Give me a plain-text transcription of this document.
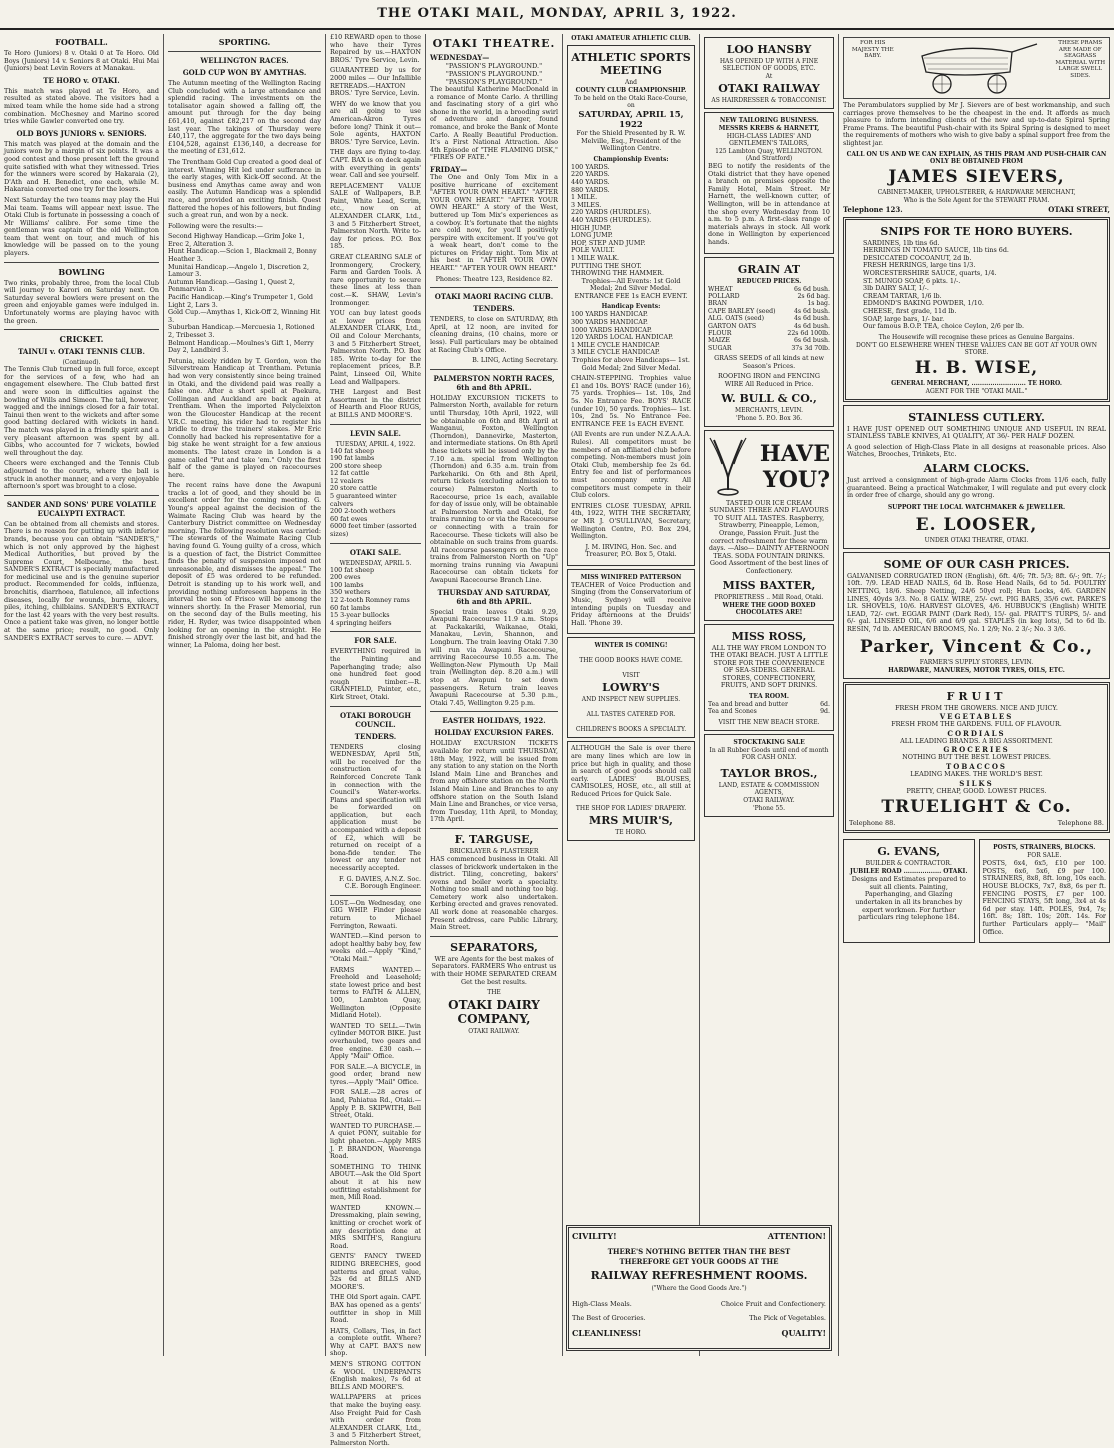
THE OTAKI MAIL, MONDAY, APRIL 3, 1922.
FOOTBALL.

Te Horo (Juniors) 8 v. Otaki 0 at Te Horo. Old Boys (Juniors) 14 v. Seniors 8 at Otaki. Hui Mai (Juniors) beat Levin Rovers at Manakau.

TE HORO v. OTAKI.

This match was played at Te Horo, and resulted as stated above. The visitors had a mixed team while the home side had a strong combination. McChesney and Marino scored tries while Gawler converted one try.

OLD BOYS JUNIORS v. SENIORS.

This match was played at the domain and the juniors won by a margin of six points. It was a good contest and those present left the ground quite satisfied with what they witnessed. Tries for the winners were scored by Hakaraia (2), D'Ath and H. Benedict, one each, while M. Hakaraia converted one try for the losers.

Next Saturday the two teams may play the Hui Mai team. Teams will appear next issue. The Otaki Club is fortunate in possessing a coach of Mr Williams' calibre. For some time the gentleman was captain of the old Wellington team that went on tour, and much of his knowledge will be passed on to the young players.

BOWLING

Two rinks, probably three, from the local Club will journey to Karori on Saturday next. On Saturday several bowlers were present on the green and enjoyable games were indulged in. Unfortunately worms are playing havoc with the green.

CRICKET.
TAINUI v. OTAKI TENNIS CLUB.
(Continued).

The Tennis Club turned up in full force, except for the services of a few, who had an engagement elsewhere. The Club batted first and were soon in difficulties against the bowling of Wills and Simeon. The tail, however, wagged and the innings closed for a fair total. Tainui then went to the wickets and after some good batting declared with wickets in hand. The match was played in a friendly spirit and a very pleasant afternoon was spent by all. Gibbs, who accounted for 7 wickets, bowled well throughout the day.

Cheers were exchanged and the Tennis Club adjourned to the courts, where the ball is struck in another manner, and a very enjoyable afternoon's sport was brought to a close.

SANDER AND SONS' PURE VOLATILE EUCALYPTI EXTRACT.

Can be obtained from all chemists and stores. There is no reason for putting up with inferior brands, because you can obtain "SANDER'S," which is not only approved by the highest Medical Authorities, but proved by the Supreme Court, Melbourne, the best. SANDER'S EXTRACT is specially manufactured for medicinal use and is the genuine superior product. Recommended for colds, influenza, bronchitis, diarrhoea, flatulence, all infections diseases, locally for wounds, burns, ulcers, piles, itching, chilblains. SANDER'S EXTRACT for the last 42 years with the very best results. Once a patient take was given, no longer bottle at the same price; result, no good. Only SANDER'S EXTRACT serves to cure. — ADVT.

SPORTING.
WELLINGTON RACES.
GOLD CUP WON BY AMYTHAS.

The Autumn meeting of the Wellington Racing Club concluded with a large attendance and splendid racing. The investments on the totalisator again showed a falling off, the amount put through for the day being £61,410, against £82,217 on the second day last year. The takings of Thursday were £40,117, the aggregate for the two days being £104,528, against £136,140, a decrease for the meeting of £31,612.

The Trentham Gold Cup created a good deal of interest. Winning Hit led under sufferance in the early stages, with Kick-Off second. At the business end Amythas came away and won easily. The Autumn Handicap was a splendid race, and provided an exciting finish. Quest flattered the hopes of his followers, but finding such a great run, and won by a neck.

Following were the results:—

Second Highway Handicap.—Grim Joke 1, Erec 2, Alteration 3.
Hunt Handicap.—Scion 1, Blackmail 2, Bonny Heather 3.
Munitai Handicap.—Angelo 1, Discretion 2, Lamour 3.
Autumn Handicap.—Gasing 1, Quest 2, Penmarvian 3.
Pacific Handicap.—King's Trumpeter 1, Gold Light 2, Lars 3.
Gold Cup.—Amythas 1, Kick-Off 2, Winning Hit 3.
Suburban Handicap.—Mercuesia 1, Rotioned 2, Tribesset 3.
Belmont Handicap.—Moulnes's Gift 1, Merry Day 2, Landbird 3.

Petunia, nicely ridden by T. Gordon, won the Silverstream Handicap at Trentham. Petunia had won very consistently since being trained in Otaki, and the dividend paid was really a false one. After a short spell at Paekura, Collingan and Auckland are back again at Trentham. When the imported Pelycleixton won the Gloucester Handicap at the recent V.R.C. meeting, his rider had to register his bridle to draw the trainers' stakes. Mr Eric Connolly had backed his representative for a big stake he went straight for a few anxious moments. The latest craze in London is a game called "Put and take 'em." Only the first half of the game is played on racecourses here.

The recent rains have done the Awapuni tracks a lot of good, and they should be in excellent order for the coming meeting. G. Young's appeal against the decision of the Waimate Racing Club was heard by the Canterbury District committee on Wednesday morning. The following resolution was carried: "The stewards of the Waimate Racing Club having found G. Young guilty of a cross, which is a question of fact, the District Committee finds the penalty of suspension imposed not unreasonable, and dismisses the appeal." The deposit of £5 was ordered to be refunded. Detroit is standing up to his work well, and providing nothing unforeseen happens in the interval the son of Frisco will be among the winners shortly. In the Fraser Memorial, run on the second day of the Bulls meeting, his rider, H. Ryder, was twice disappointed when looking for an opening in the straight. He finished strongly over the last bit, and had the winner, La Paloma, doing her best.

£10 REWARD open to those who have their Tyres Repaired by us.—HAXTON BROS.' Tyre Service, Levin.

GUARANTEED by us for 2000 miles — Our Infallible RETREADS.—HAXTON BROS.' Tyre Service, Levin.

WHY do we know that you are all going to use American-Akron Tyres before long? Think it out—Sole agents, HAXTON BROS.' Tyre Service, Levin.

THE days are flying to-day. CAPT. BAX is on deck again with everything in gents' wear. Call and see yourself.

REPLACEMENT VALUE SALE of Wallpapers, B.P. Paint, White Lead, Scrim, etc., now on at ALEXANDER CLARK, Ltd., 3 and 5 Fitzherbert Street, Palmerston North. Write to-day for prices. P.O. Box 185.

GREAT CLEARING SALE of Ironmongery, Crockery, Farm and Garden Tools. A rare opportunity to secure these lines at less than cost.—K. SHAW, Levin's Ironmonger.

YOU can buy latest goods at lower prices from ALEXANDER CLARK, Ltd., Oil and Colour Merchants, 3 and 5 Fitzherbert Street, Palmerston North. P.O. Box 185. Write to-day for the replacement prices, B.P. Paint, Linseed Oil, White Lead and Wallpapers.

THE Largest and Best Assortment in the district of Hearth and Floor RUGS, at BILLS AND MOORE'S.

LEVIN SALE.
TUESDAY, APRIL 4, 1922.
140 fat sheep
190 fat lambs
200 store sheep
12 fat cattle
12 vealers
20 store cattle
5 guaranteed winter calvers
200 2-tooth wethers
60 fat ewes
6000 feet timber (assorted sizes)
OTAKI SALE.
WEDNESDAY, APRIL 5.
100 fat sheep
200 ewes
100 lambs
350 wethers
12 2-tooth Romney rams
60 fat lambs
15 3-year bullocks
4 springing heifers
FOR SALE.

EVERYTHING required in the Painting and Paperhanging trade; also one hundred feet good rough timber.—R. GRANFIELD, Painter, etc., Kirk Street, Otaki.

OTAKI BOROUGH COUNCIL.
TENDERS.

TENDERS closing WEDNESDAY, April 5th, will be received for the construction of a Reinforced Concrete Tank in connection with the Council's Water-works. Plans and specification will be forwarded on application, but each application must be accompanied with a deposit of £2, which will be returned on receipt of a bona-fide tender. The lowest or any tender not necessarily accepted.

F. G. DAVIES, A.N.Z. Soc. C.E. Borough Engineer.

LOST.—On Wednesday, one GIG WHIP. Finder please return to Michael Ferrington, Rewaati.

WANTED.—Kind person to adopt healthy baby boy, few weeks old.—Apply "Kind," "Otaki Mail."

FARMS WANTED.—Freehold and Leasehold; state lowest price and best terms to FAITH & ALLEN, 100, Lambton Quay, Wellington (Opposite Midland Hotel).

WANTED TO SELL.—Twin cylinder MOTOR BIKE. Just overhauled, two gears and free engine. £30 cash.—Apply "Mail" Office.

FOR SALE.—A BICYCLE, in good order, brand new tyres.—Apply "Mail" Office.

FOR SALE.—28 acres of land, Pahiatua Rd., Otaki.—Apply P. B. SKIPWITH, Bell Street, Otaki.

WANTED TO PURCHASE.—A quiet PONY, suitable for light phaeton.—Apply MRS J. P. BRANDON, Waerenga Road.

SOMETHING TO THINK ABOUT.—Ask the Old Sport about it at his new outfitting establishment for men, Mill Road.

WANTED KNOWN.—Dressmaking, plain sewing, knitting or crochet work of any description done at MRS SMITH'S, Rangiuru Road.

GENTS' FANCY TWEED RIDING BREECHES, good patterns and great value, 32s 6d at BILLS AND MOORE'S.

THE Old Sport again. CAPT. BAX has opened as a gents' outfitter in shop in Mill Road.

HATS, Collars, Ties, in fact a complete outfit. Where? Why at CAPT. BAX'S new shop.

MEN'S STRONG COTTON & WOOL UNDERPANTS (English makes), 7s 6d at BILLS AND MOORE'S.

WALLPAPERS at prices that make the buying easy. Also Freight Paid for Cash with order from ALEXANDER CLARK, Ltd., 3 and 5 Fitzherbert Street, Palmerston North.

OTAKI THEATRE.
WEDNESDAY—
"PASSION'S PLAYGROUND."
"PASSION'S PLAYGROUND."
"PASSION'S PLAYGROUND."

The beautiful Katherine MacDonald in a romance of Monte Carlo. A thrilling and fascinating story of a girl who shone in the world, in a brooding swirl of adventure and danger, found romance, and broke the Bank of Monte Carlo. A Really Beautiful Production. It's a First National Attraction. Also 4th Episode of "THE FLAMING DISK," "FIRES OF FATE."

FRIDAY—

The One and Only Tom Mix in a positive hurricane of excitement "AFTER YOUR OWN HEART." "AFTER YOUR OWN HEART." "AFTER YOUR OWN HEART." A story of the West, buttered up Tom Mix's experiences as a cowboy. It's fortunate that the nights are cold now, for you'll positively perspire with excitement. If you've got a weak heart, don't come to the pictures on Friday night. Tom Mix at his best in "AFTER YOUR OWN HEART." "AFTER YOUR OWN HEART."

Phones: Theatre 123, Residence 82.

OTAKI MAORI RACING CLUB.
TENDERS.

TENDERS, to close on SATURDAY, 8th April, at 12 noon, are invited for cleaning drains, (10 chains, more or less). Full particulars may be obtained at Racing Club's Office.

B. LING, Acting Secretary.

PALMERSTON NORTH RACES, 6th and 8th APRIL.

HOLIDAY EXCURSION TICKETS to Palmerston North, available for return until Thursday, 10th April, 1922, will be obtainable on 6th and 8th April at Wanganui, Foxton, Wellington (Thorndon), Dannevirke, Masterton, and intermediate stations. On 8th April these tickets will be issued only by the 7.10 a.m. special from Wellington (Thorndon) and 6.35 a.m. train from Parkehariki. On 6th and 8th April, return tickets (excluding admission to course) Palmerston North to Racecourse, price 1s each, available for day of issue only, will be obtainable at Palmerston North and Otaki, for trains running to or via the Racecourse or connecting with a train for Racecourse. These tickets will also be obtainable on such trains from guards. All racecourse passengers on the race trains from Palmerston North on "Up" morning trains running via Awapuni Racecourse can obtain tickets for Awapuni Racecourse Branch Line.

THURSDAY AND SATURDAY, 6th and 8th APRIL.

Special train leaves Otaki 9.29, Awapuni Racecourse 11.9 a.m. Stops at Packakariki, Waikanae, Otaki, Manakau, Levin, Shannon, and Longburn. The train leaving Otaki 7.30 will run via Awapuni Racecourse, arriving Racecourse 10.55 a.m. The Wellington-New Plymouth Up Mail train (Wellington dep. 8.20 a.m.) will stop at Awapuni to set down passengers. Return train leaves Awapuni Racecourse at 5.30 p.m., Otaki 7.45, Wellington 9.25 p.m.

EASTER HOLIDAYS, 1922.
HOLIDAY EXCURSION FARES.

HOLIDAY EXCURSION TICKETS available for return until THURSDAY, 18th May, 1922, will be issued from any station to any station on the North Island Main Line and Branches and from any offshore station on the North Island Main Line and Branches to any offshore station on the South Island Main Line and Branches, or vice versa, from Tuesday, 11th April, to Monday, 17th April.

F. TARGUSE,
BRICKLAYER & PLASTERER

HAS commenced business in Otaki. All classes of brickwork undertaken in the district. Tiling, concreting, bakers' ovens and boiler work a specialty. Nothing too small and nothing too big. Cemetery work also undertaken. Kerbing erected and graves renovated. All work done at reasonable charges. Present address, care Public Library, Main Street.

SEPARATORS,

WE are Agents for the best makes of Separators. FARMERS Who entrust us with their HOME SEPARATED CREAM Get the best results.

THE
OTAKI DAIRY COMPANY,
OTAKI RAILWAY.
OTAKI AMATEUR ATHLETIC CLUB.
ATHLETIC SPORTS MEETING
And
COUNTY CLUB CHAMPIONSHIP.
To be held on the Otaki Race-Course, on
SATURDAY, APRIL 15, 1922

For the Shield Presented by R. W. Melville, Esq., President of the Wellington Centre.

Championship Events:
100 YARDS.
220 YARDS.
440 YARDS.
880 YARDS.
1 MILE.
3 MILES.
220 YARDS (HURDLES).
440 YARDS (HURDLES).
HIGH JUMP.
LONG JUMP.
HOP, STEP AND JUMP.
POLE VAULT.
1 MILE WALK.
PUTTING THE SHOT.
THROWING THE HAMMER.

Trophies—All Events: 1st Gold Medal; 2nd Silver Medal. ENTRANCE FEE 1s EACH EVENT.

Handicap Events:
100 YARDS HANDICAP.
300 YARDS HANDICAP.
1000 YARDS HANDICAP.
120 YARDS LOCAL HANDICAP.
1 MILE CYCLE HANDICAP.
3 MILE CYCLE HANDICAP.

Trophies for above Handicaps— 1st. Gold Medal; 2nd Silver Medal.

CHAIN-STEPPING. Trophies value £1 and 10s. BOYS' RACE (under 16), 75 yards. Trophies— 1st. 10s, 2nd 5s. No Entrance Fee. BOYS' RACE (under 10), 50 yards. Trophies— 1st. 10s, 2nd 5s. No Entrance Fee. ENTRANCE FEE 1s EACH EVENT.

(All Events are run under N.Z.A.A.A. Rules). All competitors must be members of an affiliated club before competing. Non-members must join Otaki Club, membership fee 2s 6d. Entry fee and list of performances must accompany entry. All competitors must compete in their Club colors.

ENTRIES CLOSE TUESDAY, APRIL 4th, 1922, WITH THE SECRETARY, or MR J. O'SULLIVAN, Secretary, Wellington Centre, P.O. Box 294, Wellington.

J. M. IRVING, Hon. Sec. and Treasurer, P.O. Box 5, Otaki.

MISS WINIFRED PATTERSON

TEACHER of Voice Production and Singing (from the Conservatorium of Music, Sydney) will receive intending pupils on Tuesday and Friday afternoons at the Druids' Hall. 'Phone 39.

WINTER IS COMING!
THE GOOD BOOKS HAVE COME.
VISIT
LOWRY'S
AND INSPECT NEW SUPPLIES.
ALL TASTES CATERED FOR.
CHILDREN'S BOOKS A SPECIALTY.

ALTHOUGH the Sale is over there are many lines which are low in price but high in quality, and those in search of good goods should call early. LADIES' BLOUSES, CAMISOLES, HOSE, etc., all still at Reduced Prices for Quick Sale.

THE SHOP FOR LADIES' DRAPERY.
MRS MUIR'S,
TE HORO.
LOO HANSBY
HAS OPENED UP WITH A FINE SELECTION OF GOODS, ETC.
At
OTAKI RAILWAY
AS HAIRDRESSER & TOBACCONIST.
NEW TAILORING BUSINESS.
MESSRS KREBS & HARNETT,
HIGH-CLASS LADIES' AND GENTLEMEN'S TAILORS,
125 Lambton Quay, WELLINGTON. (And Stratford)

BEG to notify the residents of the Otaki district that they have opened a branch on premises opposite the Family Hotel, Main Street. Mr Harnett, the well-known cutter, of Wellington, will be in attendance at the shop every Wednesday from 10 a.m. to 5 p.m. A first-class range of materials always in stock. All work done in Wellington by experienced hands.

GRAIN AT
REDUCED PRICES.
WHEAT	6s 6d bush.
POLLARD	2s 6d bag.
BRAN	1s bag.
CAPE BARLEY (seed)	4s 6d bush.
ALG. OATS (seed)	4s 6d bush.
GARTON OATS	4s 6d bush.
FLOUR	22s 6d 100lb.
MAIZE	6s 6d bush.
SUGAR	37s 3d 70lb.

GRASS SEEDS of all kinds at new Season's Prices.

ROOFING IRON and FENCING WIRE All Reduced in Price.

W. BULL & CO.,
MERCHANTS, LEVIN.
'Phone 5. P.O. Box 36.
HAVE
YOU?

TASTED OUR ICE CREAM SUNDAES! THREE AND FLAVOURS TO SUIT ALL TASTES. Raspberry, Strawberry, Pineapple, Lemon, Orange, Passion Fruit. Just the correct refreshment for these warm days. —Also— DAINTY AFTERNOON TEAS. SODA FOUNTAIN DRINKS. Good Assortment of the best lines of Confectionery.

MISS BAXTER,
PROPRIETRESS .. Mill Road, Otaki.
WHERE THE GOOD BOXED CHOCOLATES ARE!
MISS ROSS,

ALL THE WAY FROM LONDON TO THE OTAKI BEACH. JUST A LITTLE STORE FOR THE CONVENIENCE OF SEA-SIDERS. GENERAL STORES, CONFECTIONERY, FRUITS, AND SOFT DRINKS.

TEA ROOM.
Tea and bread and butter	6d.
Tea and Scones	9d.
VISIT THE NEW BEACH STORE.
STOCKTAKING SALE
In all Rubber Goods until end of month FOR CASH ONLY.
TAYLOR BROS.,
LAND, ESTATE & COMMISSION AGENTS,
OTAKI RAILWAY.
'Phone 55.
CIVILITY!	ATTENTION!
THERE'S NOTHING BETTER THAN THE BEST
THEREFORE GET YOUR GOODS AT THE
RAILWAY REFRESHMENT ROOMS.
("Where the Good Goods Are.")
High-Class Meals.	Choice Fruit and Confectionery.
The Best of Groceries.	The Pick of Vegetables.
CLEANLINESS!	QUALITY!
FOR HIS MAJESTY THE BABY.
THESE PRAMS ARE MADE OF SEAGRASS MATERIAL WITH LARGE SWELL SIDES.

The Perambulators supplied by Mr J. Sievers are of best workmanship, and such carriages prove themselves to be the cheapest in the end. It affords as much pleasure to inform intending clients of the new and up-to-date Spiral Spring Frame Prams. The beautiful Push-chair with its Spiral Spring is designed to meet the requirements of mothers who wish to give baby a spinal support free from the slightest jar.

CALL ON US AND WE CAN EXPLAIN, AS THIS PRAM AND PUSH-CHAIR CAN ONLY BE OBTAINED FROM
JAMES SIEVERS,
CABINET-MAKER, UPHOLSTERER, & HARDWARE MERCHANT,
Who is the Sole Agent for the STEWART PRAM.
Telephone 123.	OTAKI STREET,
SNIPS FOR TE HORO BUYERS.
SARDINES, 1lb tins 6d.
HERRINGS IN TOMATO SAUCE, 1lb tins 6d.
DESICCATED COCOANUT, 2d lb.
FRESH HERRINGS, large tins 1/3.
WORCESTERSHIRE SAUCE, quarts, 1/4.
ST. MUNGO SOAP, 6 pkts. 1/-.
3lb DAIRY SALT, 1/-.
CREAM TARTAR, 1/6 lb.
EDMOND'S BAKING POWDER, 1/10.
CHEESE, first grade, 11d lb.
SOAP, large bars, 1/- bar.
Our famous B.O.P. TEA, choice Ceylon, 2/6 per lb.
The Housewife will recognise these prices as Genuine Bargains.
DON'T GO ELSEWHERE WHEN THESE VALUES CAN BE GOT AT YOUR OWN STORE.
H. B. WISE,
GENERAL MERCHANT, .......................... TE HORO.
AGENT FOR THE "OTAKI MAIL."
STAINLESS CUTLERY.

I HAVE JUST OPENED OUT SOMETHING UNIQUE AND USEFUL IN REAL STAINLESS TABLE KNIVES, A1 QUALITY, AT 36/- PER HALF DOZEN.

A good selection of High-Class Plate in all designs at reasonable prices. Also Watches, Brooches, Trinkets, Etc.

ALARM CLOCKS.

Just arrived a consignment of high-grade Alarm Clocks from 11/6 each, fully guaranteed. Being a practical Watchmaker, I will regulate and put every clock in order free of charge, should any go wrong.

SUPPORT THE LOCAL WATCHMAKER & JEWELLER.
E. LOOSER,
UNDER OTAKI THEATRE, OTAKI.
SOME OF OUR CASH PRICES.

GALVANISED CORRUGATED IRON (English), 6ft. 4/6; 7ft. 5/3; 8ft. 6/-; 9ft. 7/-; 10ft. 7/9. LEAD HEAD NAILS, 6d lb. Rose Head Nails, 6d to 5d. POULTRY NETTING, 18/6. Sheep Netting, 24/6 50yd roll; Hun Locks, 4/6. GARDEN LINES, 40yds 3/3. No. 8 GALV. WIRE, 25/- cwt. PIG BARS, 35/6 cwt. PARKE'S LR. SHOVELS, 10/6. HARVEST GLOVES, 4/6. HUBBUCK'S (English) WHITE LEAD, 72/- cwt. EGGAR PAINT (Dark Red), 15/- gal. PRATT'S TURPS, 5/- and 6/- gal. LINSEED OIL, 6/6 and 6/9 gal. STAPLES (in keg lots), 5d to 6d lb. RESIN, 7d lb. AMERICAN BROOMS, No. 1 2/9; No. 2 3/-; No. 3 3/6.

Parker, Vincent & Co.,
FARMER'S SUPPLY STORES, LEVIN.
HARDWARE, MANURES, MOTOR TYRES, OILS, ETC.
FRUIT
FRESH FROM THE GROWERS. NICE AND JUICY.
VEGETABLES
FRESH FROM THE GARDENS. FULL OF FLAVOUR.
CORDIALS
ALL LEADING BRANDS. A BIG ASSORTMENT.
GROCERIES
NOTHING BUT THE BEST. LOWEST PRICES.
TOBACCOS
LEADING MAKES. THE WORLD'S BEST.
SILKS
PRETTY, CHEAP, GOOD. LOWEST PRICES.
TRUELIGHT & Co.
Telephone 88.	Telephone 88.
G. EVANS,
BUILDER & CONTRACTOR.
JUBILEE ROAD .................. OTAKI.

Designs and Estimates prepared to suit all clients. Painting, Paperhanging, and Glazing undertaken in all its branches by expert workmen. For further particulars ring telephone 184.

POSTS, STRAINERS, BLOCKS.
FOR SALE.

POSTS, 6x4, 6x5, £10 per 100. POSTS, 6x6, 5x6, £9 per 100. STRAINERS, 8x8, 8ft. long, 10s each. HOUSE BLOCKS, 7x7, 8x8, 6s per ft. FENCING POSTS, £7 per 100. FENCING STAYS, 5ft long, 3x4 at 4s 6d per stay. 14ft. POLES, 9x4, 7s; 16ft. 8s; 18ft. 10s; 20ft. 14s. For further Particulars apply— "Mail" Office.
